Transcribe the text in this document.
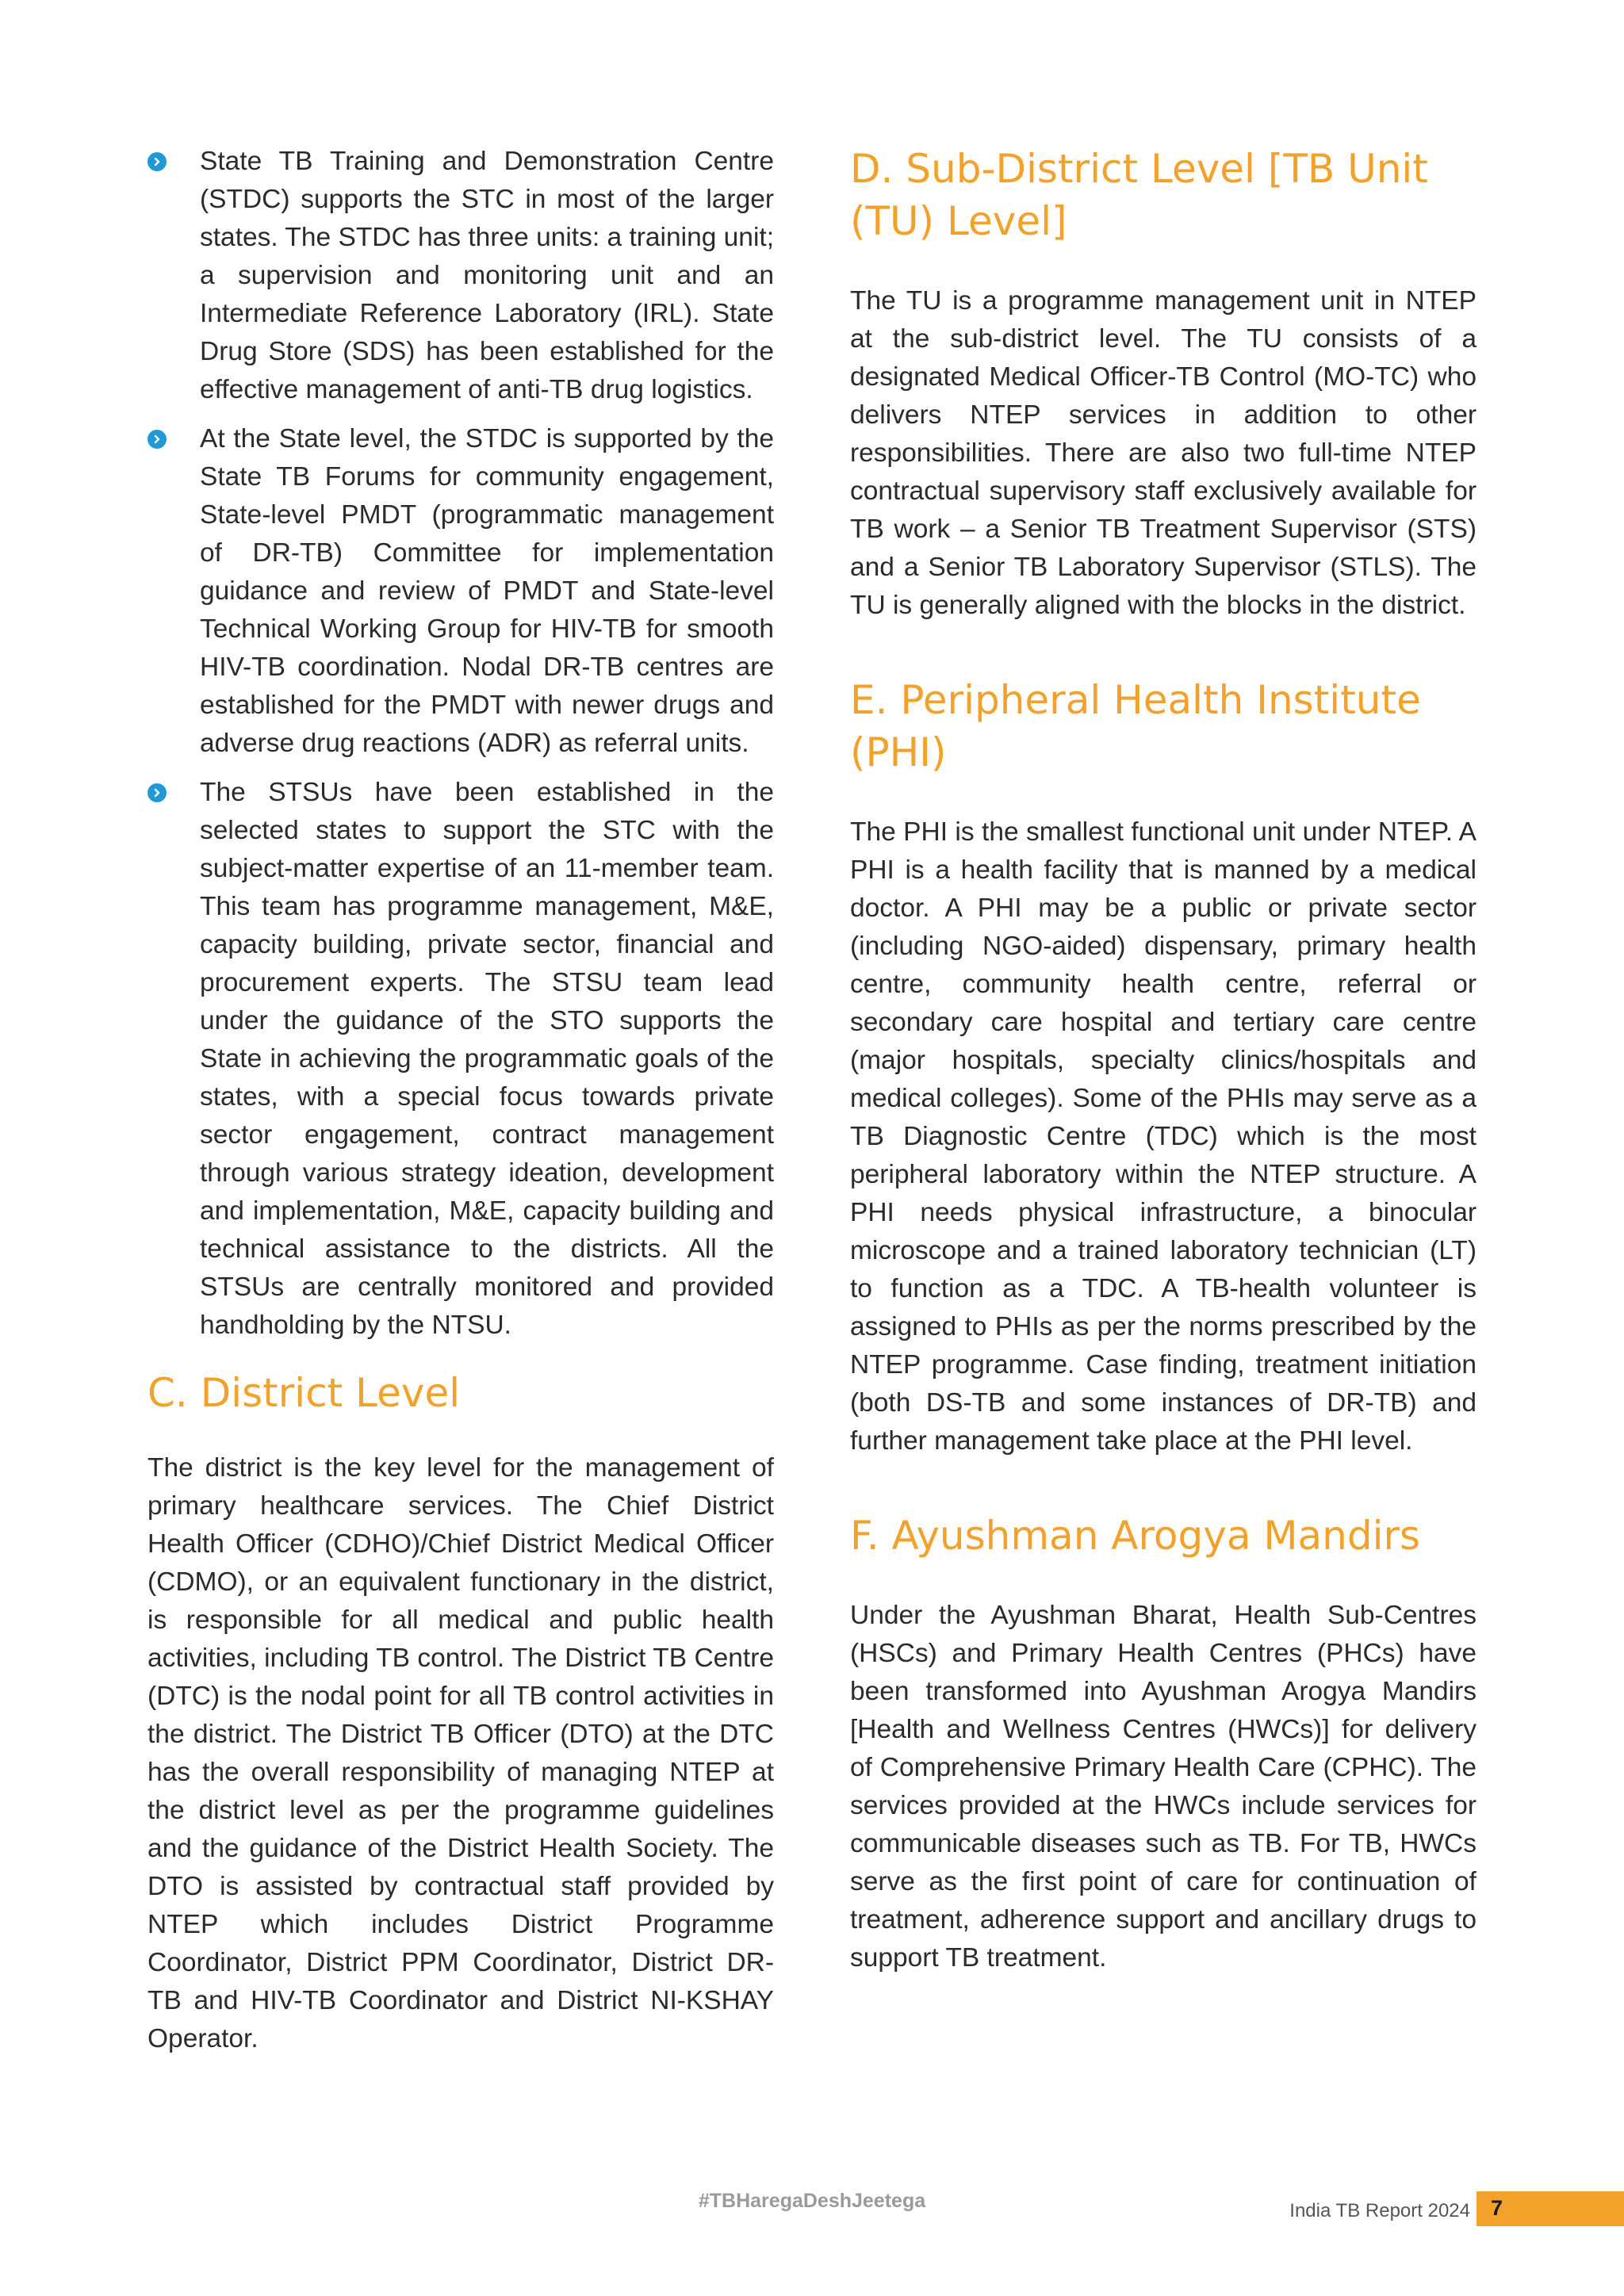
State TB Training and Demonstration Centre (STDC) supports the STC in most of the larger states. The STDC has three units: a training unit; a supervision and monitoring unit and an Intermediate Reference Laboratory (IRL). State Drug Store (SDS) has been established for the effective management of anti-TB drug logistics.

At the State level, the STDC is supported by the State TB Forums for community engagement, State-level PMDT (programmatic management of DR-TB) Committee for implementation guidance and review of PMDT and State-level Technical Working Group for HIV-TB for smooth HIV-TB coordination. Nodal DR-TB centres are established for the PMDT with newer drugs and adverse drug reactions (ADR) as referral units.

The STSUs have been established in the selected states to support the STC with the subject-matter expertise of an 11-member team. This team has programme management, M&E, capacity building, private sector, financial and procurement experts. The STSU team lead under the guidance of the STO supports the State in achieving the programmatic goals of the states, with a special focus towards private sector engagement, contract management through various strategy ideation, development and implementation, M&E, capacity building and technical assistance to the districts. All the STSUs are centrally monitored and provided handholding by the NTSU.

C. District Level

The district is the key level for the management of primary healthcare services. The Chief District Health Officer (CDHO)/Chief District Medical Officer (CDMO), or an equivalent functionary in the district, is responsible for all medical and public health activities, including TB control. The District TB Centre (DTC) is the nodal point for all TB control activities in the district. The District TB Officer (DTO) at the DTC has the overall responsibility of managing NTEP at the district level as per the programme guidelines and the guidance of the District Health Society. The DTO is assisted by contractual staff provided by NTEP which includes District Programme Coordinator, District PPM Coordinator, District DR-TB and HIV-TB Coordinator and District NI-KSHAY Operator.

D. Sub-District Level [TB Unit (TU) Level]

The TU is a programme management unit in NTEP at the sub-district level. The TU consists of a designated Medical Officer-TB Control (MO-TC) who delivers NTEP services in addition to other responsibilities. There are also two full-time NTEP contractual supervisory staff exclusively available for TB work – a Senior TB Treatment Supervisor (STS) and a Senior TB Laboratory Supervisor (STLS). The TU is generally aligned with the blocks in the district.

E. Peripheral Health Institute (PHI)

The PHI is the smallest functional unit under NTEP. A PHI is a health facility that is manned by a medical doctor. A PHI may be a public or private sector (including NGO-aided) dispensary, primary health centre, community health centre, referral or secondary care hospital and tertiary care centre (major hospitals, specialty clinics/hospitals and medical colleges). Some of the PHIs may serve as a TB Diagnostic Centre (TDC) which is the most peripheral laboratory within the NTEP structure. A PHI needs physical infrastructure, a binocular microscope and a trained laboratory technician (LT) to function as a TDC. A TB-health volunteer is assigned to PHIs as per the norms prescribed by the NTEP programme. Case finding, treatment initiation (both DS-TB and some instances of DR-TB) and further management take place at the PHI level.

F. Ayushman Arogya Mandirs

Under the Ayushman Bharat, Health Sub-Centres (HSCs) and Primary Health Centres (PHCs) have been transformed into Ayushman Arogya Mandirs [Health and Wellness Centres (HWCs)] for delivery of Comprehensive Primary Health Care (CPHC). The services provided at the HWCs include services for communicable diseases such as TB. For TB, HWCs serve as the first point of care for continuation of treatment, adherence support and ancillary drugs to support TB treatment.

#TBHaregaDeshJeetega	India TB Report 2024 7
